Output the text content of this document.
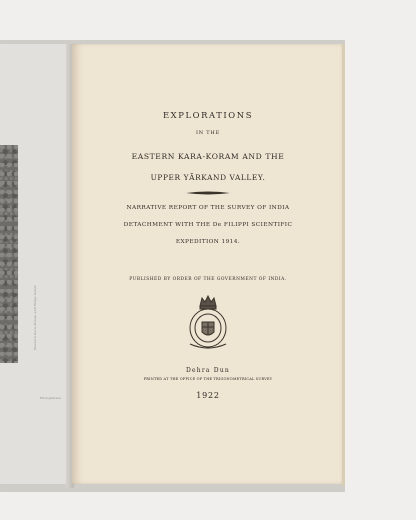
Western Kara-Koram and Ridge below
Photogravure
EXPLORATIONS
IN THE
EASTERN KARA-KORAM AND THE
UPPER YĀRKAND VALLEY.
NARRATIVE REPORT OF THE SURVEY OF INDIA
DETACHMENT WITH THE De FILIPPI SCIENTIFIC
EXPEDITION 1914.
PUBLISHED BY ORDER OF THE GOVERNMENT OF INDIA.
Dehra Dun
PRINTED AT THE OFFICE OF THE TRIGONOMETRICAL SURVEY
1922
